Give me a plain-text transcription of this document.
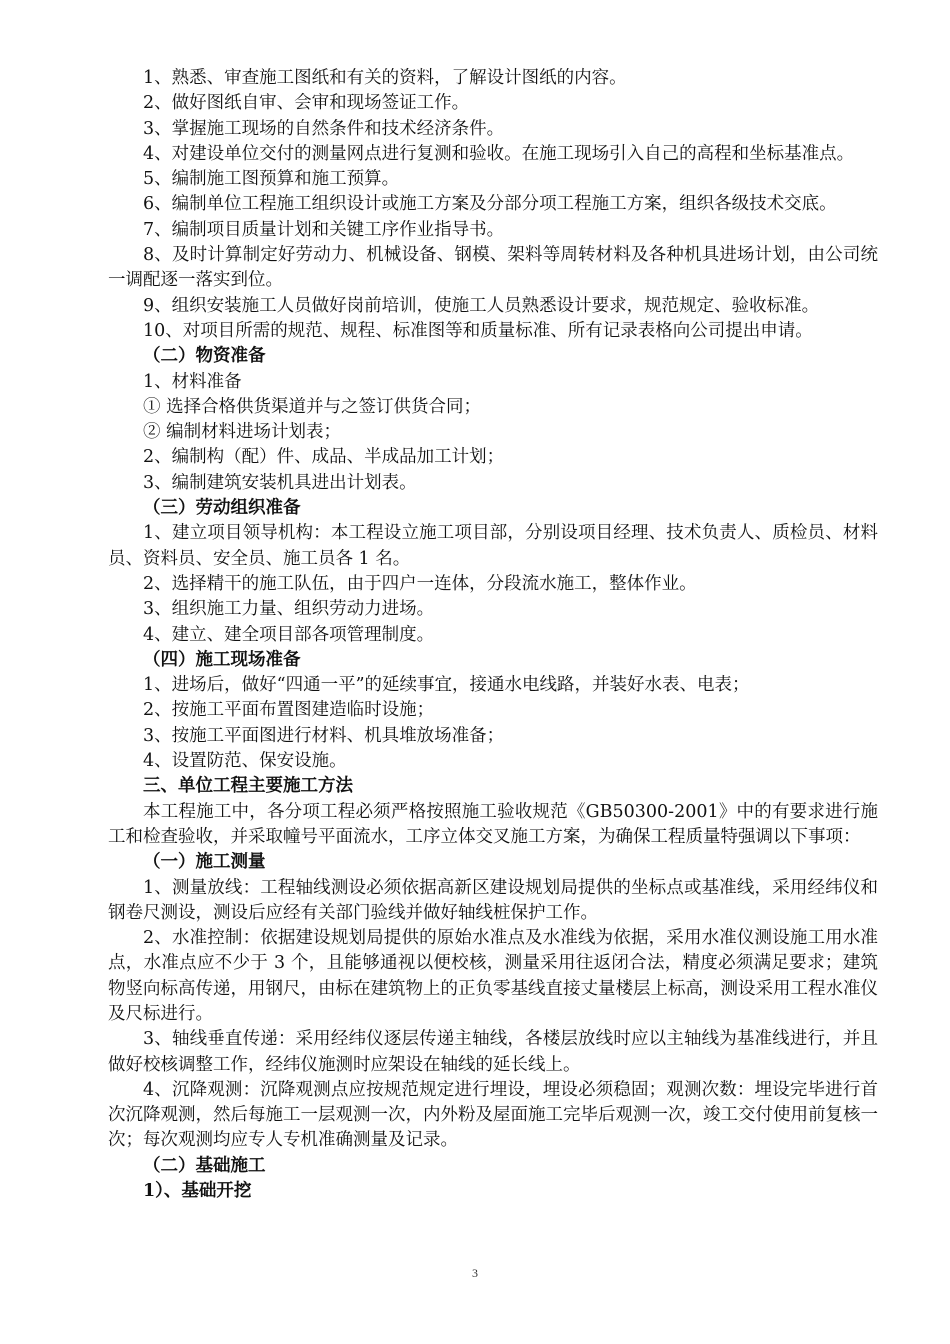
1、熟悉、审查施工图纸和有关的资料，了解设计图纸的内容。

2、做好图纸自审、会审和现场签证工作。

3、掌握施工现场的自然条件和技术经济条件。

4、对建设单位交付的测量网点进行复测和验收。在施工现场引入自己的高程和坐标基准点。

5、编制施工图预算和施工预算。

6、编制单位工程施工组织设计或施工方案及分部分项工程施工方案，组织各级技术交底。

7、编制项目质量计划和关键工序作业指导书。

8、及时计算制定好劳动力、机械设备、钢模、架料等周转材料及各种机具进场计划，由公司统一调配逐一落实到位。

9、组织安装施工人员做好岗前培训，使施工人员熟悉设计要求，规范规定、验收标准。

10、对项目所需的规范、规程、标准图等和质量标准、所有记录表格向公司提出申请。

（二）物资准备

1、材料准备

① 选择合格供货渠道并与之签订供货合同；

② 编制材料进场计划表；

2、编制构（配）件、成品、半成品加工计划；

3、编制建筑安装机具进出计划表。

（三）劳动组织准备

1、建立项目领导机构：本工程设立施工项目部，分别设项目经理、技术负责人、质检员、材料员、资料员、安全员、施工员各 1 名。

2、选择精干的施工队伍，由于四户一连体，分段流水施工，整体作业。

3、组织施工力量、组织劳动力进场。

4、建立、建全项目部各项管理制度。

（四）施工现场准备

1、进场后，做好“四通一平”的延续事宜，接通水电线路，并装好水表、电表；

2、按施工平面布置图建造临时设施；

3、按施工平面图进行材料、机具堆放场准备；

4、设置防范、保安设施。

三、单位工程主要施工方法

本工程施工中，各分项工程必须严格按照施工验收规范《GB50300-2001》中的有要求进行施工和检查验收，并采取幢号平面流水，工序立体交叉施工方案，为确保工程质量特强调以下事项：

（一）施工测量

1、测量放线：工程轴线测设必须依据高新区建设规划局提供的坐标点或基准线，采用经纬仪和钢卷尺测设，测设后应经有关部门验线并做好轴线桩保护工作。

2、水准控制：依据建设规划局提供的原始水准点及水准线为依据，采用水准仪测设施工用水准点，水准点应不少于 3 个，且能够通视以便校核，测量采用往返闭合法，精度必须满足要求；建筑物竖向标高传递，用钢尺，由标在建筑物上的正负零基线直接丈量楼层上标高，测设采用工程水准仪及尺标进行。

3、轴线垂直传递：采用经纬仪逐层传递主轴线，各楼层放线时应以主轴线为基准线进行，并且做好校核调整工作，经纬仪施测时应架设在轴线的延长线上。

4、沉降观测：沉降观测点应按规范规定进行埋设，埋设必须稳固；观测次数：埋设完毕进行首次沉降观测，然后每施工一层观测一次，内外粉及屋面施工完毕后观测一次，竣工交付使用前复核一次；每次观测均应专人专机准确测量及记录。

（二）基础施工

1）、基础开挖

3
